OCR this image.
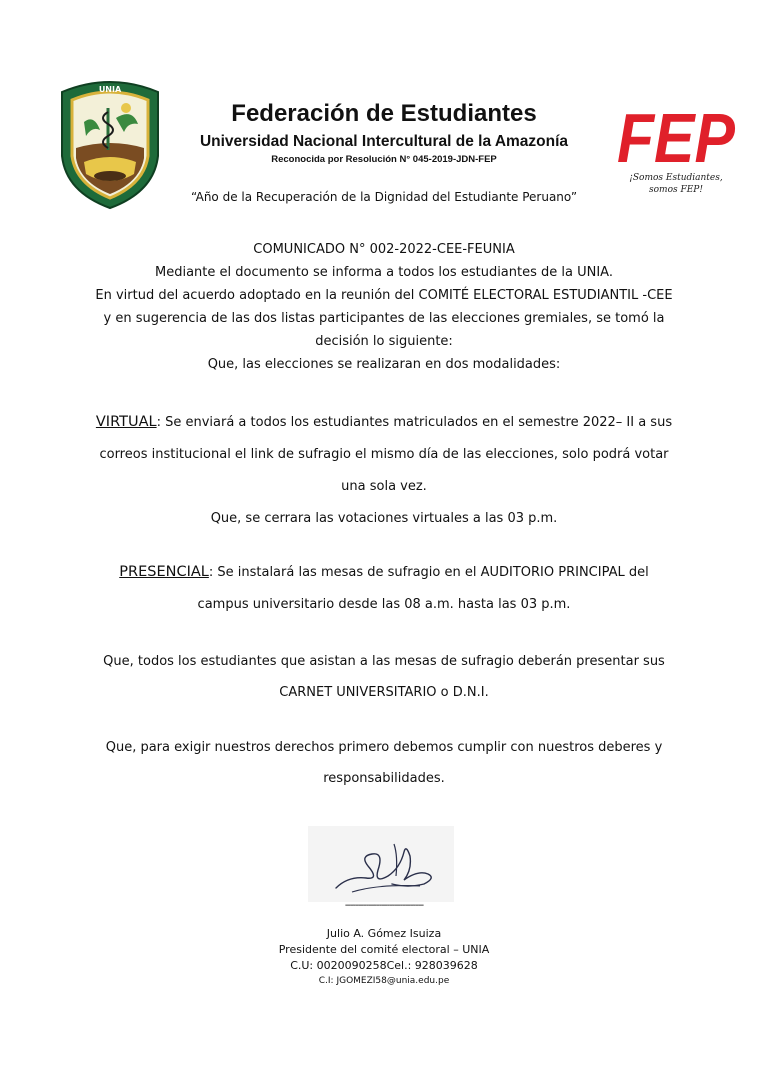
UNIA
Federación de Estudiantes
Universidad Nacional Intercultural de la Amazonía
Reconocida por Resolución N° 045-2019-JDN-FEP
“Año de la Recuperación de la Dignidad del Estudiante Peruano”
FEP
¡Somos Estudiantes,
somos FEP!
COMUNICADO N° 002-2022-CEE-FEUNIA
Mediante el documento se informa a todos los estudiantes de la UNIA.
En virtud del acuerdo adoptado en la reunión del COMITÉ ELECTORAL ESTUDIANTIL -CEE
y en sugerencia de las dos listas participantes de las elecciones gremiales, se tomó la
decisión lo siguiente:
Que, las elecciones se realizaran en dos modalidades:
VIRTUAL: Se enviará a todos los estudiantes matriculados en el semestre 2022– II a sus
correos institucional el link de sufragio el mismo día de las elecciones, solo podrá votar
una sola vez.
Que, se cerrara las votaciones virtuales a las 03 p.m.
PRESENCIAL: Se instalará las mesas de sufragio en el AUDITORIO PRINCIPAL del
campus universitario desde las 08 a.m. hasta las 03 p.m.
Que, todos los estudiantes que asistan a las mesas de sufragio deberán presentar sus
CARNET UNIVERSITARIO o D.N.I.
Que, para exigir nuestros derechos primero debemos cumplir con nuestros deberes y
responsabilidades.
------------------------------
Julio A. Gómez Isuiza
Presidente del comité electoral – UNIA
C.U: 0020090258Cel.: 928039628
C.I: JGOMEZI58@unia.edu.pe
